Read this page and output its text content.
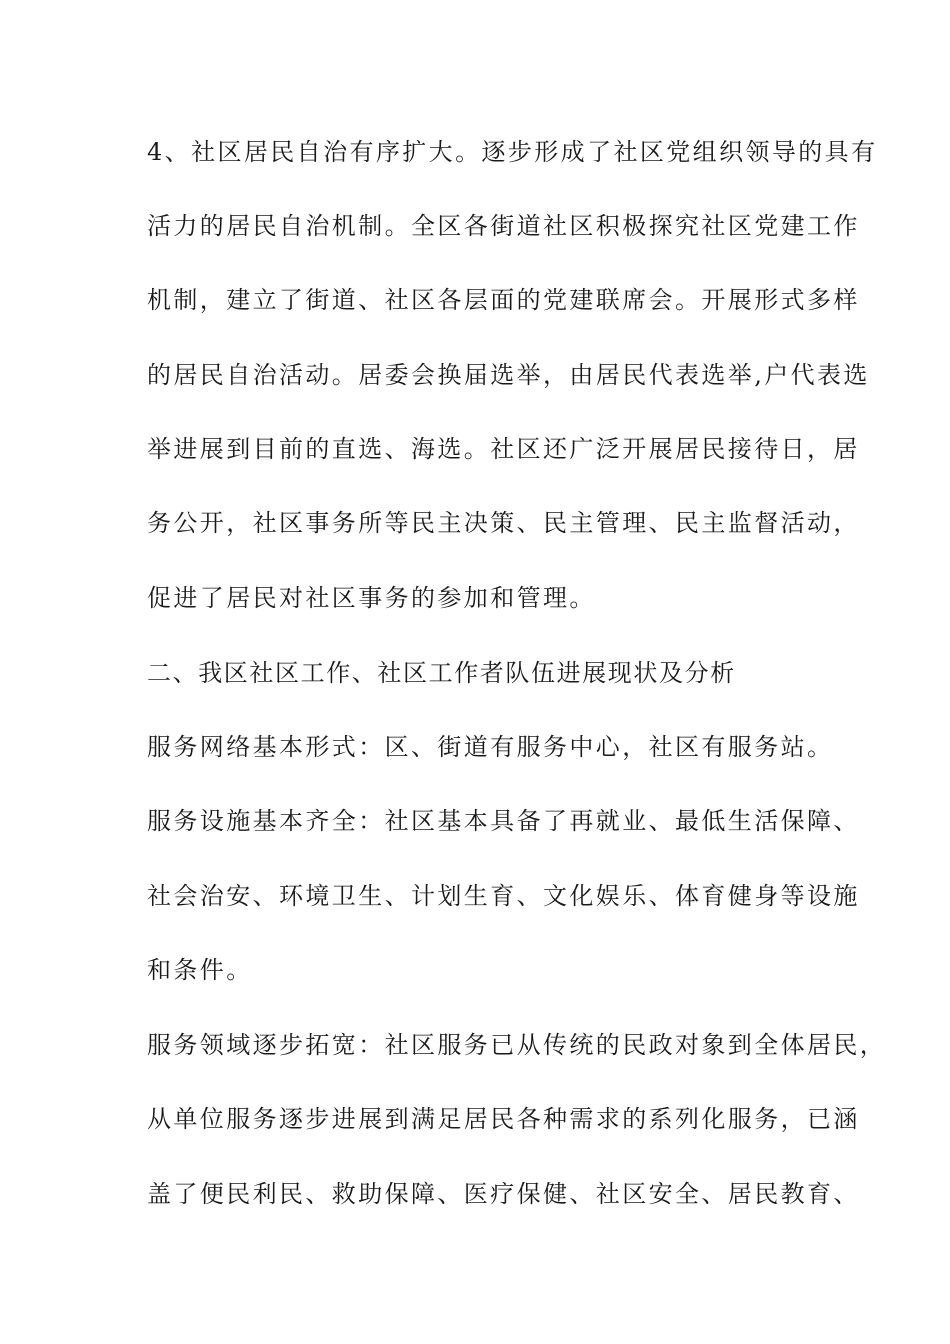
4、社区居民自治有序扩大。逐步形成了社区党组织领导的具有
活力的居民自治机制。全区各街道社区积极探究社区党建工作
机制，建立了街道、社区各层面的党建联席会。开展形式多样
的居民自治活动。居委会换届选举，由居民代表选举,户代表选
举进展到目前的直选、海选。社区还广泛开展居民接待日，居
务公开，社区事务所等民主决策、民主管理、民主监督活动，
促进了居民对社区事务的参加和管理。
二、我区社区工作、社区工作者队伍进展现状及分析
服务网络基本形式：区、街道有服务中心，社区有服务站。
服务设施基本齐全：社区基本具备了再就业、最低生活保障、
社会治安、环境卫生、计划生育、文化娱乐、体育健身等设施
和条件。
服务领域逐步拓宽：社区服务已从传统的民政对象到全体居民，
从单位服务逐步进展到满足居民各种需求的系列化服务，已涵
盖了便民利民、救助保障、医疗保健、社区安全、居民教育、
